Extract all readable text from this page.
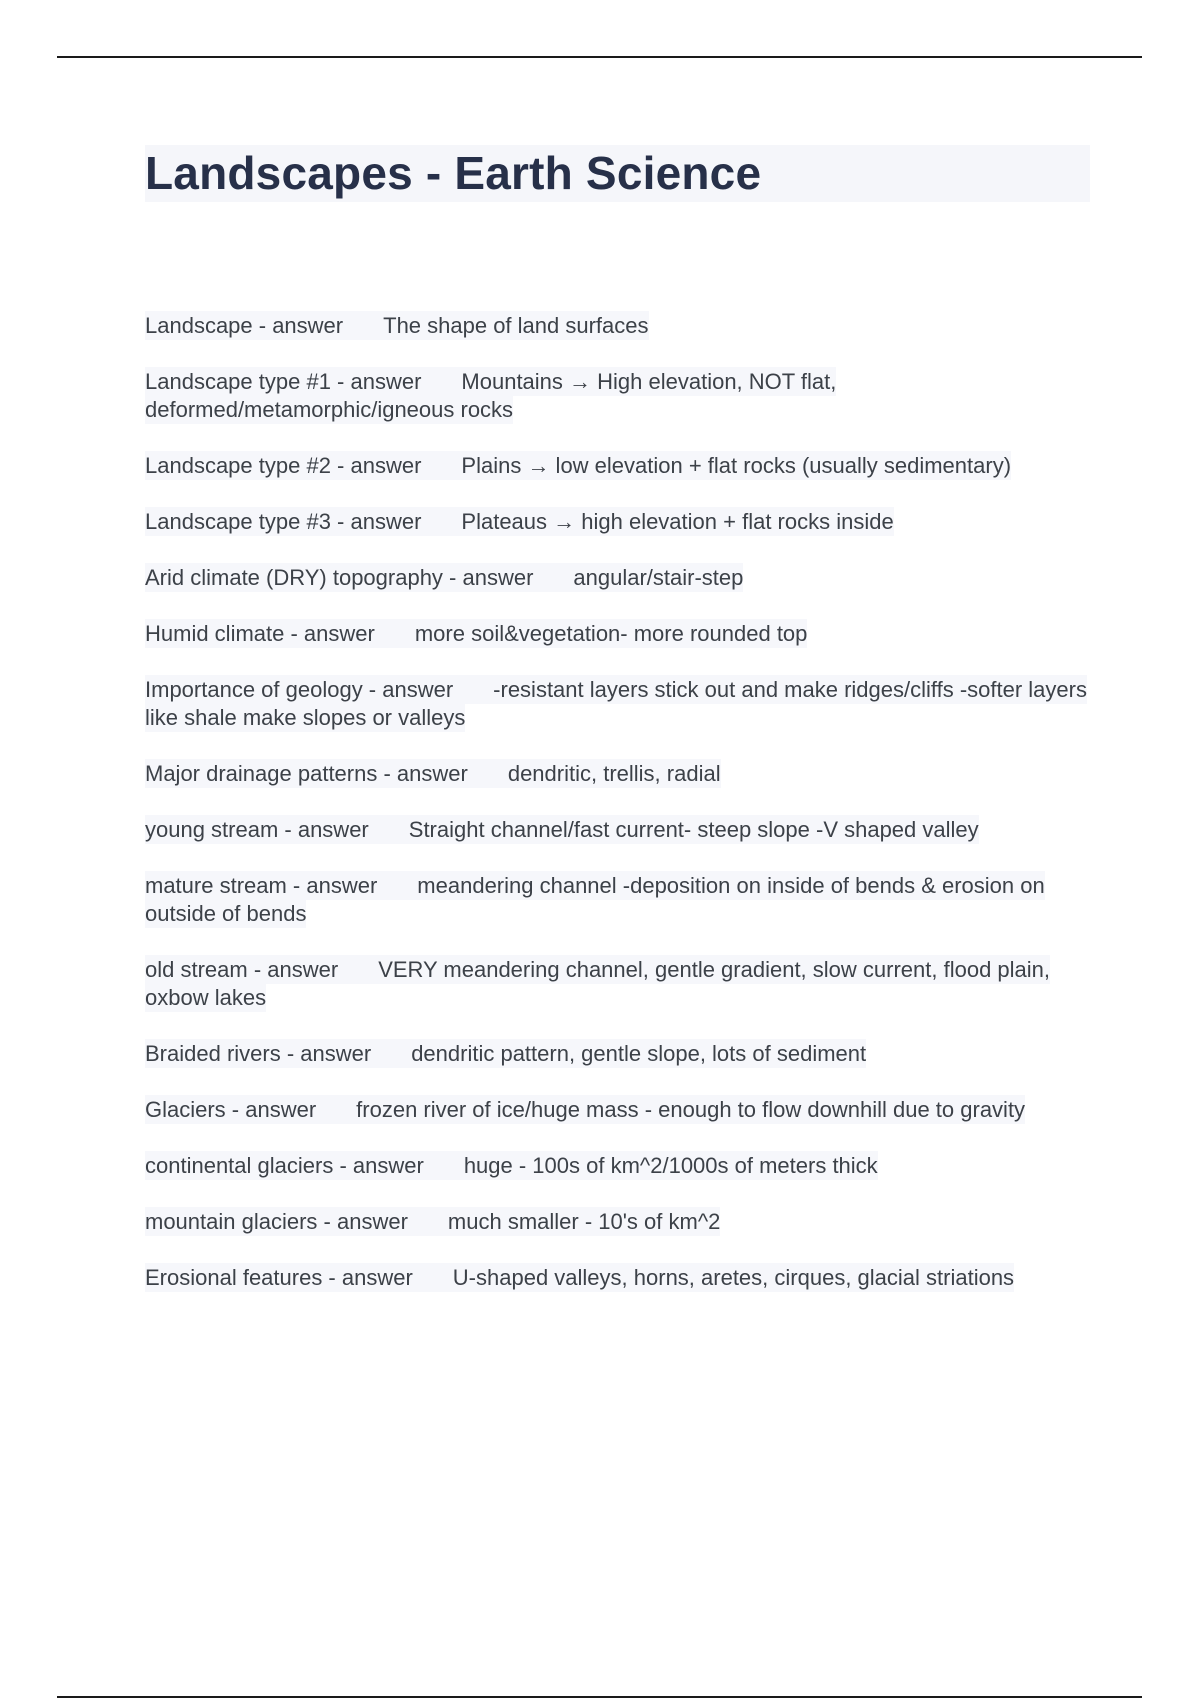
Landscapes - Earth Science
Landscape - answer The shape of land surfaces
Landscape type #1 - answer Mountains → High elevation, NOT flat, deformed/metamorphic/igneous rocks
Landscape type #2 - answer Plains → low elevation + flat rocks (usually sedimentary)
Landscape type #3 - answer Plateaus → high elevation + flat rocks inside
Arid climate (DRY) topography - answer angular/stair-step
Humid climate - answer more soil&vegetation- more rounded top
Importance of geology - answer -resistant layers stick out and make ridges/cliffs -softer layers like shale make slopes or valleys
Major drainage patterns - answer dendritic, trellis, radial
young stream - answer Straight channel/fast current- steep slope -V shaped valley
mature stream - answer meandering channel -deposition on inside of bends & erosion on outside of bends
old stream - answer VERY meandering channel, gentle gradient, slow current, flood plain, oxbow lakes
Braided rivers - answer dendritic pattern, gentle slope, lots of sediment
Glaciers - answer frozen river of ice/huge mass - enough to flow downhill due to gravity
continental glaciers - answer huge - 100s of km^2/1000s of meters thick
mountain glaciers - answer much smaller - 10's of km^2
Erosional features - answer U-shaped valleys, horns, aretes, cirques, glacial striations
